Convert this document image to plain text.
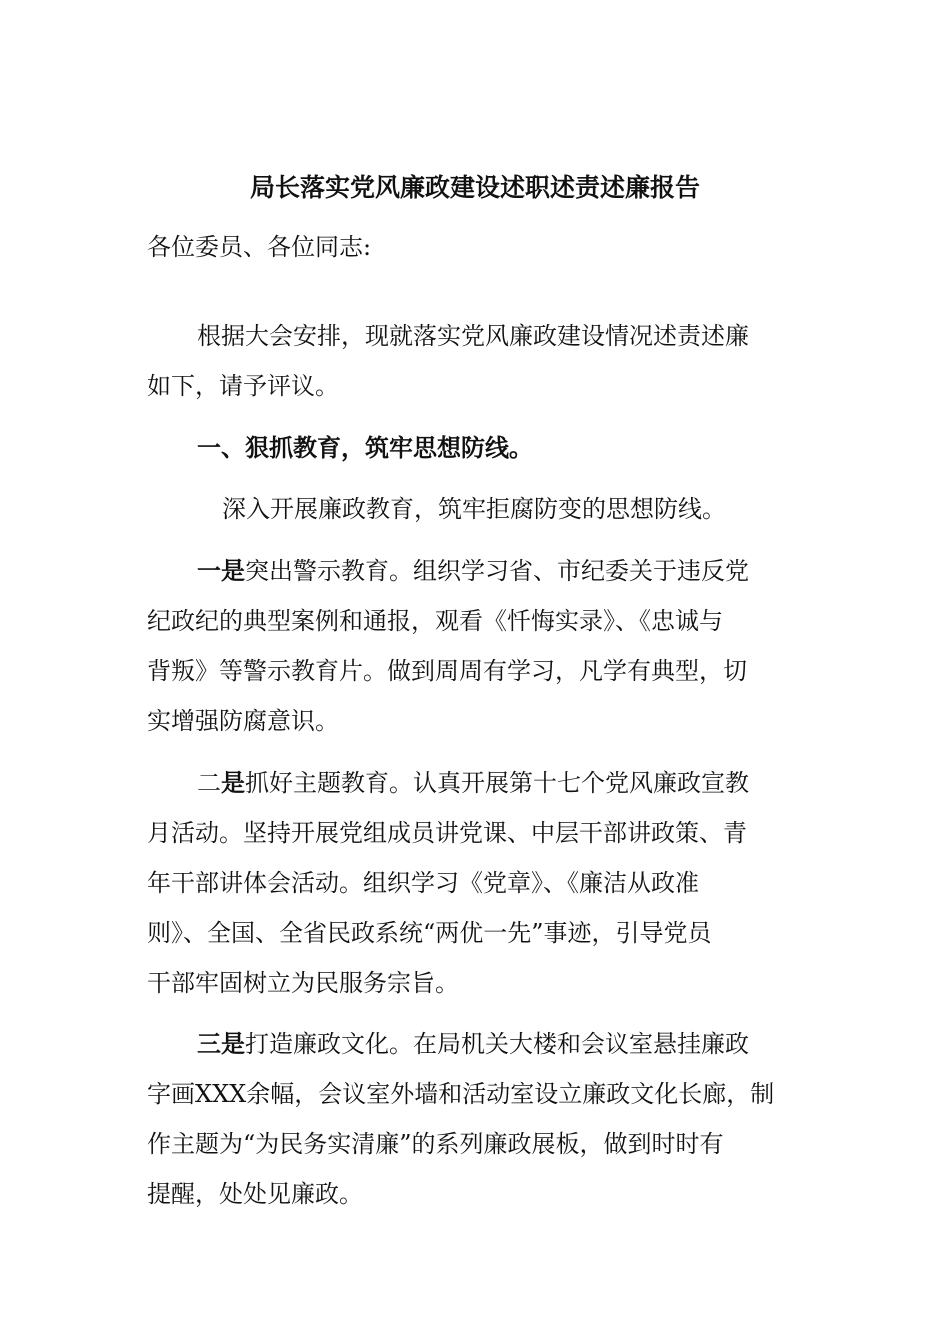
局长落实党风廉政建设述职述责述廉报告
各位委员、各位同志:
根据大会安排，现就落实党风廉政建设情况述责述廉
如下，请予评议。
一、狠抓教育，筑牢思想防线。
深入开展廉政教育，筑牢拒腐防变的思想防线。
一是突出警示教育。组织学习省、市纪委关于违反党
纪政纪的典型案例和通报，观看《忏悔实录》、《忠诚与
背叛》等警示教育片。做到周周有学习，凡学有典型，切
实增强防腐意识。
二是抓好主题教育。认真开展第十七个党风廉政宣教
月活动。坚持开展党组成员讲党课、中层干部讲政策、青
年干部讲体会活动。组织学习《党章》、《廉洁从政准
则》、全国、全省民政系统“两优一先”事迹，引导党员
干部牢固树立为民服务宗旨。
三是打造廉政文化。在局机关大楼和会议室悬挂廉政
字画XXX余幅，会议室外墙和活动室设立廉政文化长廊，制
作主题为“为民务实清廉”的系列廉政展板，做到时时有
提醒，处处见廉政。
